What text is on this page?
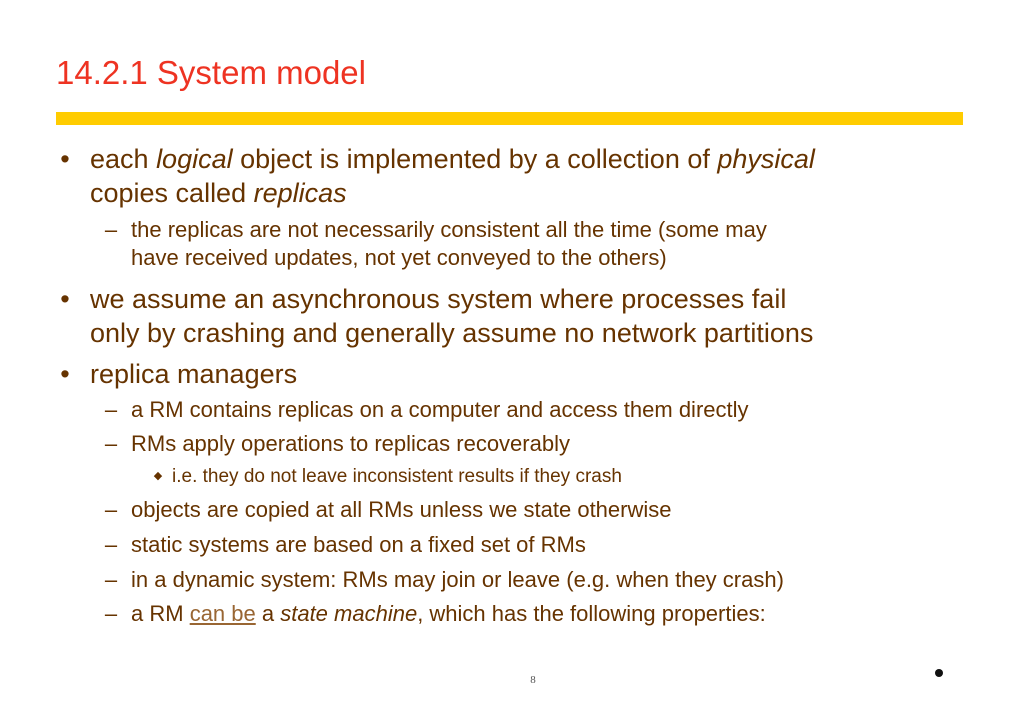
14.2.1 System model
• each logical object is implemented by a collection of physical
copies called replicas
– the replicas are not necessarily consistent all the time (some may
have received updates, not yet conveyed to the others)
• we assume an asynchronous system where processes fail
only by crashing and generally assume no network partitions
• replica managers
– a RM contains replicas on a computer and access them directly
– RMs apply operations to replicas recoverably
◆ i.e. they do not leave inconsistent results if they crash
– objects are copied at all RMs unless we state otherwise
– static systems are based on a fixed set of RMs
– in a dynamic system: RMs may join or leave (e.g. when they crash)
– a RM can be a state machine, which has the following properties:
8
